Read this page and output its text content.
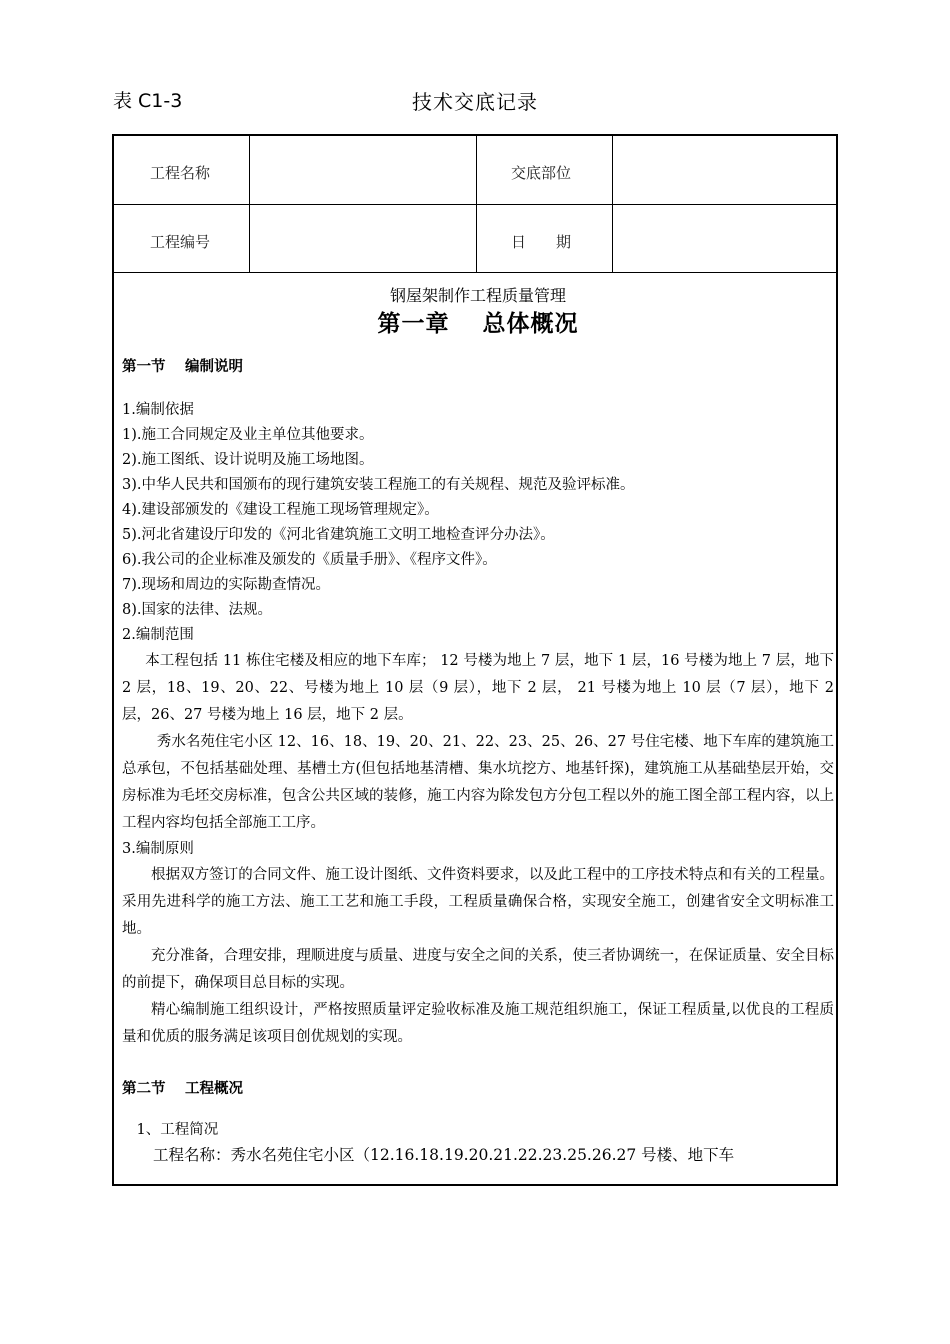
表 C1-3	技术交底记录
工程名称	交底部位
工程编号	日　　期
钢屋架制作工程质量管理
第一章　 总体概况
第一节　 编制说明
1.编制依据
1).施工合同规定及业主单位其他要求。
2).施工图纸、设计说明及施工场地图。
3).中华人民共和国颁布的现行建筑安装工程施工的有关规程、规范及验评标准。
4).建设部颁发的《建设工程施工现场管理规定》。
5).河北省建设厅印发的《河北省建筑施工文明工地检查评分办法》。
6).我公司的企业标准及颁发的《质量手册》、《程序文件》。
7).现场和周边的实际勘查情况。
8).国家的法律、法规。
2.编制范围
本工程包括 11 栋住宅楼及相应的地下车库； 12 号楼为地上 7 层，地下 1 层，16 号楼为地上 7 层，地下 2 层，18、19、20、22、号楼为地上 10 层（9 层），地下 2 层， 21 号楼为地上 10 层（7 层），地下 2 层，26、27 号楼为地上 16 层，地下 2 层。
秀水名苑住宅小区 12、16、18、19、20、21、22、23、25、26、27 号住宅楼、地下车库的建筑施工总承包，不包括基础处理、基槽土方(但包括地基清槽、集水坑挖方、地基钎探)，建筑施工从基础垫层开始，交房标准为毛坯交房标准，包含公共区域的装修，施工内容为除发包方分包工程以外的施工图全部工程内容，以上工程内容均包括全部施工工序。
3.编制原则
根据双方签订的合同文件、施工设计图纸、文件资料要求，以及此工程中的工序技术特点和有关的工程量。采用先进科学的施工方法、施工工艺和施工手段，工程质量确保合格，实现安全施工，创建省安全文明标准工地。
充分准备，合理安排，理顺进度与质量、进度与安全之间的关系，使三者协调统一，在保证质量、安全目标的前提下，确保项目总目标的实现。
精心编制施工组织设计，严格按照质量评定验收标准及施工规范组织施工，保证工程质量,以优良的工程质量和优质的服务满足该项目创优规划的实现。
第二节　 工程概况
1、工程简况
工程名称：秀水名苑住宅小区（12.16.18.19.20.21.22.23.25.26.27 号楼、地下车
